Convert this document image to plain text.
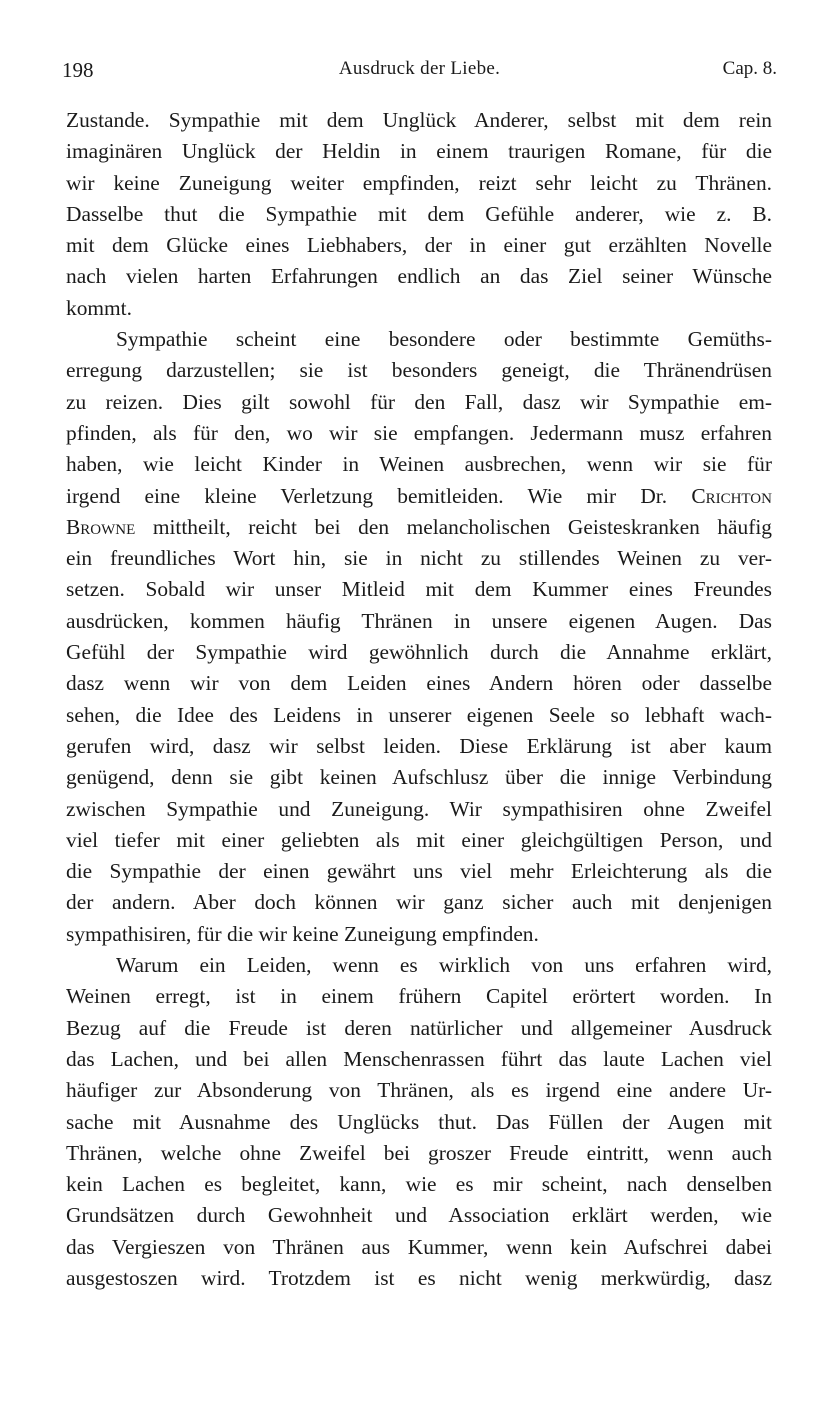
198	Ausdruck der Liebe.	Cap. 8.
Zustande. Sympathie mit dem Unglück Anderer, selbst mit dem rein
imaginären Unglück der Heldin in einem traurigen Romane, für die
wir keine Zuneigung weiter empfinden, reizt sehr leicht zu Thränen.
Dasselbe thut die Sympathie mit dem Gefühle anderer, wie z. B.
mit dem Glücke eines Liebhabers, der in einer gut erzählten Novelle
nach vielen harten Erfahrungen endlich an das Ziel seiner Wünsche
kommt.
Sympathie scheint eine besondere oder bestimmte Gemüths-
erregung darzustellen; sie ist besonders geneigt, die Thränendrüsen
zu reizen. Dies gilt sowohl für den Fall, dasz wir Sympathie em-
pfinden, als für den, wo wir sie empfangen. Jedermann musz erfahren
haben, wie leicht Kinder in Weinen ausbrechen, wenn wir sie für
irgend eine kleine Verletzung bemitleiden. Wie mir Dr. Crichton
Browne mittheilt, reicht bei den melancholischen Geisteskranken häufig
ein freundliches Wort hin, sie in nicht zu stillendes Weinen zu ver-
setzen. Sobald wir unser Mitleid mit dem Kummer eines Freundes
ausdrücken, kommen häufig Thränen in unsere eigenen Augen. Das
Gefühl der Sympathie wird gewöhnlich durch die Annahme erklärt,
dasz wenn wir von dem Leiden eines Andern hören oder dasselbe
sehen, die Idee des Leidens in unserer eigenen Seele so lebhaft wach-
gerufen wird, dasz wir selbst leiden. Diese Erklärung ist aber kaum
genügend, denn sie gibt keinen Aufschlusz über die innige Verbindung
zwischen Sympathie und Zuneigung. Wir sympathisiren ohne Zweifel
viel tiefer mit einer geliebten als mit einer gleichgültigen Person, und
die Sympathie der einen gewährt uns viel mehr Erleichterung als die
der andern. Aber doch können wir ganz sicher auch mit denjenigen
sympathisiren, für die wir keine Zuneigung empfinden.
Warum ein Leiden, wenn es wirklich von uns erfahren wird,
Weinen erregt, ist in einem frühern Capitel erörtert worden. In
Bezug auf die Freude ist deren natürlicher und allgemeiner Ausdruck
das Lachen, und bei allen Menschenrassen führt das laute Lachen viel
häufiger zur Absonderung von Thränen, als es irgend eine andere Ur-
sache mit Ausnahme des Unglücks thut. Das Füllen der Augen mit
Thränen, welche ohne Zweifel bei groszer Freude eintritt, wenn auch
kein Lachen es begleitet, kann, wie es mir scheint, nach denselben
Grundsätzen durch Gewohnheit und Association erklärt werden, wie
das Vergieszen von Thränen aus Kummer, wenn kein Aufschrei dabei
ausgestoszen wird. Trotzdem ist es nicht wenig merkwürdig, dasz
